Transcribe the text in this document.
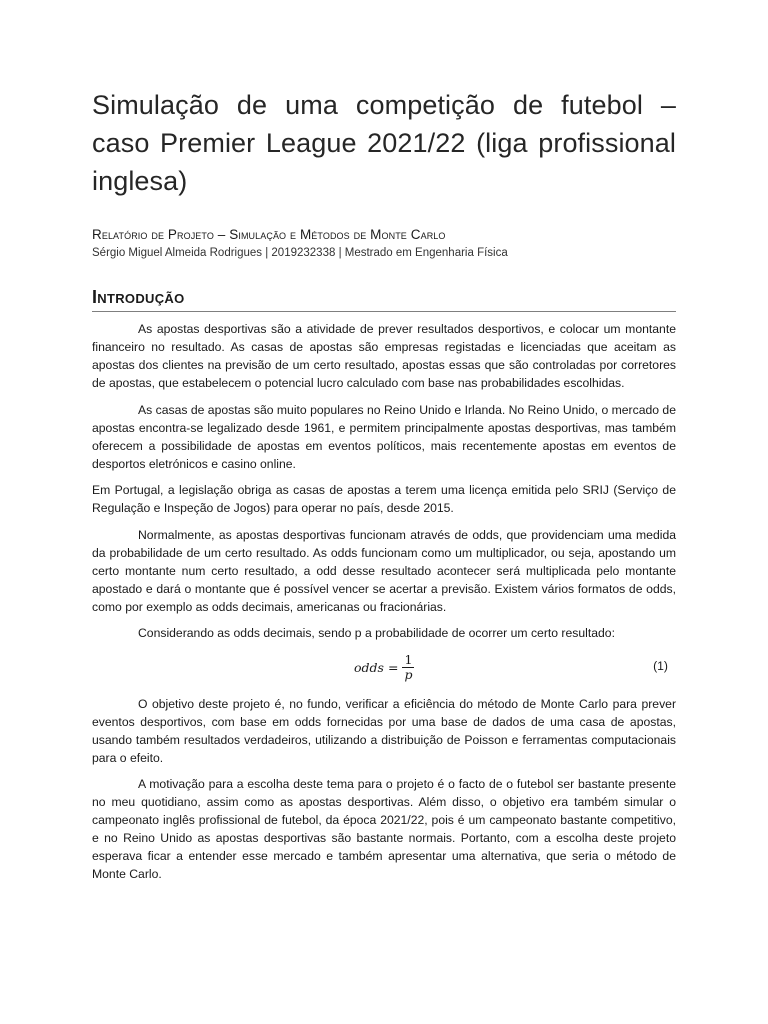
Simulação de uma competição de futebol – caso Premier League 2021/22 (liga profissional inglesa)
Relatório de Projeto – Simulação e Métodos de Monte Carlo
Sérgio Miguel Almeida Rodrigues | 2019232338 | Mestrado em Engenharia Física
Introdução

As apostas desportivas são a atividade de prever resultados desportivos, e colocar um montante financeiro no resultado. As casas de apostas são empresas registadas e licenciadas que aceitam as apostas dos clientes na previsão de um certo resultado, apostas essas que são controladas por corretores de apostas, que estabelecem o potencial lucro calculado com base nas probabilidades escolhidas.

As casas de apostas são muito populares no Reino Unido e Irlanda. No Reino Unido, o mercado de apostas encontra-se legalizado desde 1961, e permitem principalmente apostas desportivas, mas também oferecem a possibilidade de apostas em eventos políticos, mais recentemente apostas em eventos de desportos eletrónicos e casino online.

Em Portugal, a legislação obriga as casas de apostas a terem uma licença emitida pelo SRIJ (Serviço de Regulação e Inspeção de Jogos) para operar no país, desde 2015.

Normalmente, as apostas desportivas funcionam através de odds, que providenciam uma medida da probabilidade de um certo resultado. As odds funcionam como um multiplicador, ou seja, apostando um certo montante num certo resultado, a odd desse resultado acontecer será multiplicada pelo montante apostado e dará o montante que é possível vencer se acertar a previsão. Existem vários formatos de odds, como por exemplo as odds decimais, americanas ou fracionárias.

Considerando as odds decimais, sendo p a probabilidade de ocorrer um certo resultado:

odds = $\frac{1}{p}$	(1)

O objetivo deste projeto é, no fundo, verificar a eficiência do método de Monte Carlo para prever eventos desportivos, com base em odds fornecidas por uma base de dados de uma casa de apostas, usando também resultados verdadeiros, utilizando a distribuição de Poisson e ferramentas computacionais para o efeito.

A motivação para a escolha deste tema para o projeto é o facto de o futebol ser bastante presente no meu quotidiano, assim como as apostas desportivas. Além disso, o objetivo era também simular o campeonato inglês profissional de futebol, da época 2021/22, pois é um campeonato bastante competitivo, e no Reino Unido as apostas desportivas são bastante normais. Portanto, com a escolha deste projeto esperava ficar a entender esse mercado e também apresentar uma alternativa, que seria o método de Monte Carlo.
